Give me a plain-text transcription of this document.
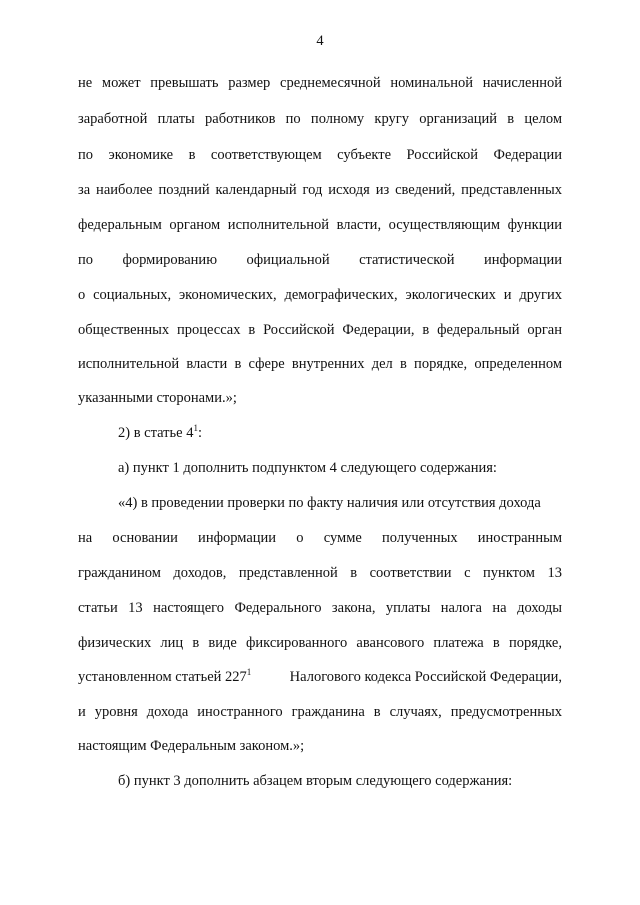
4
не может превышать размер среднемесячной номинальной начисленной
заработной платы работников по полному кругу организаций в целом
по экономике в соответствующем субъекте Российской Федерации
за наиболее поздний календарный год исходя из сведений, представленных
федеральным органом исполнительной власти, осуществляющим функции
по формированию официальной статистической информации
о социальных, экономических, демографических, экологических и других
общественных процессах в Российской Федерации, в федеральный орган
исполнительной власти в сфере внутренних дел в порядке, определенном
указанными сторонами.»;
2) в статье $4^1$:
а) пункт 1 дополнить подпунктом 4 следующего содержания:
«4) в проведении проверки по факту наличия или отсутствия дохода
на основании информации о сумме полученных иностранным
гражданином доходов, представленной в соответствии с пунктом 13
статьи 13 настоящего Федерального закона, уплаты налога на доходы
физических лиц в виде фиксированного авансового платежа в порядке,
установленном статьей $227^1$	Налогового кодекса Российской Федерации,
и уровня дохода иностранного гражданина в случаях, предусмотренных
настоящим Федеральным законом.»;
б) пункт 3 дополнить абзацем вторым следующего содержания:
